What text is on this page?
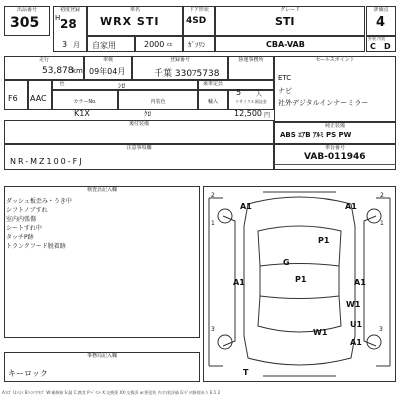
出品番号
305
初度登録
H 28
3 月
車名
WRX STI
ドア形状
4SD
グレード
STI
評価点
4
自家用	2000 cc ｶﾞｿﾘﾝ	CBA-VAB
外装 内装
C D
走行
53,878
km
車検
09年04月
登録番号
千葉 330ﾌ5738
陸運事務所	セールスポイント
ETC
ナビ
社外デジタルインナーミラー
F6 AAC
色	ｼﾛ	乗車定員
5 人
カラーNo.
K1X
内装色
ｸﾛ
輸入	リサイクル預託金
12,500 円
後付装備	純正装備
ABS ｴｱB ｱﾙﾐ PS PW
注意事項欄
NR-MZ100-FJ
車台番号
VAB-011946
検査員記入欄
ダッシュ板歪み・うき中
シフトノブすれ
室内内張傷
シートすれ中
タッチP跡
トランクフード脱着跡
事務局記入欄
キーロック
A1	A1
P1
G
A1	P1	A1
W1
U1
W1
A1
T
2	2
1	1
3	3
A:ｷｽﾞ U:ﾍｺﾐ B:ﾍｺﾐ字ｷｽﾞ W:補修跡 S:錆 C:腐食 P:ﾍﾟｲﾝﾄ X:交換要 XX:交換済 ⊕:要塗装 内:内装評価 G:ｶﾞﾗｽ修理あり E:1 2
